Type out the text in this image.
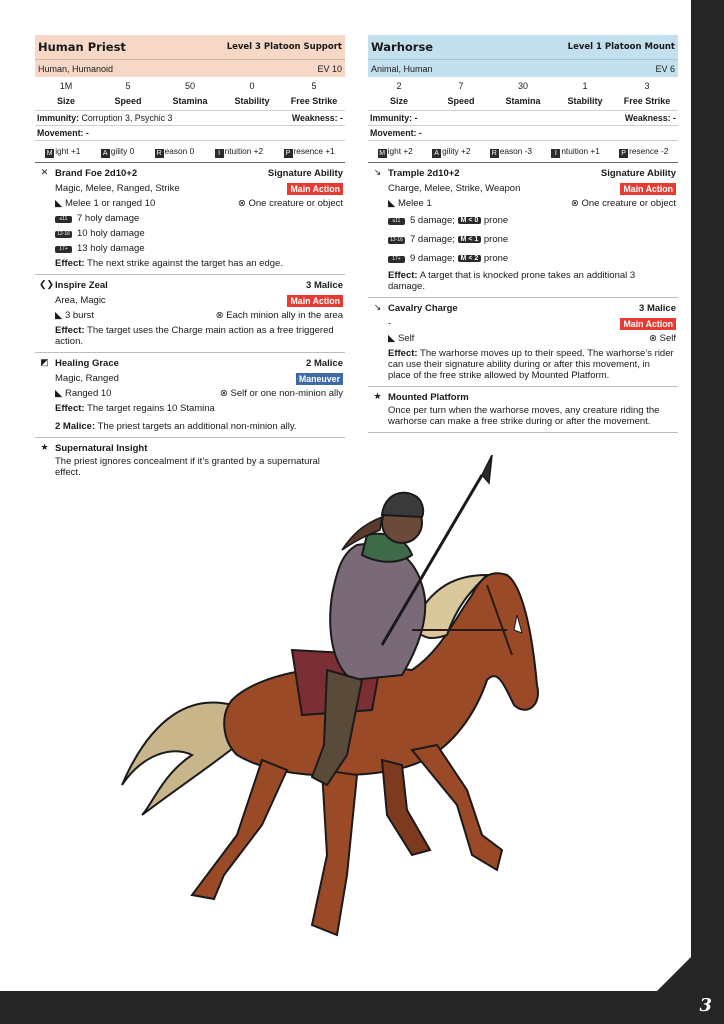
3
Human Priest	Level 3 Platoon Support
Human, Humanoid	EV 10
1M	5	50	0	5
Size	Speed	Stamina	Stability	Free Strike
Immunity: Corruption 3, Psychic 3	Weakness: -
Movement: -
M ight +1	A gility 0	R eason 0	I ntuition +2	P resence +1
✕ Brand Foe 2d10+2	Signature Ability
Magic, Melee, Ranged, Strike	Main Action
◣ Melee 1 or ranged 10	⊗ One creature or object
≤11 7 holy damage
12-16 10 holy damage
17+ 13 holy damage
Effect: The next strike against the target has an edge.
❮❯ Inspire Zeal	3 Malice
Area, Magic	Main Action
◣ 3 burst	⊗ Each minion ally in the area
Effect: The target uses the Charge main action as a free triggered action.
◩ Healing Grace	2 Malice
Magic, Ranged	Maneuver
◣ Ranged 10	⊗ Self or one non-minion ally
Effect: The target regains 10 Stamina
2 Malice: The priest targets an additional non-minion ally.
★ Supernatural Insight
The priest ignores concealment if it’s granted by a supernatural effect.
Warhorse	Level 1 Platoon Mount
Animal, Human	EV 6
2	7	30	1	3
Size	Speed	Stamina	Stability	Free Strike
Immunity: -	Weakness: -
Movement: -
M ight +2	A gility +2	R eason -3	I ntuition +1	P resence -2
↘ Trample 2d10+2	Signature Ability
Charge, Melee, Strike, Weapon	Main Action
◣ Melee 1	⊗ One creature or object
≤11 5 damage; M < 0 prone
12-16 7 damage; M < 1 prone
17+ 9 damage; M < 2 prone
Effect: A target that is knocked prone takes an additional 3 damage.
↘ Cavalry Charge	3 Malice
-	Main Action
◣ Self	⊗ Self
Effect: The warhorse moves up to their speed. The warhorse’s rider can use their signature ability during or after this movement, in place of the free strike allowed by Mounted Platform.
★ Mounted Platform
Once per turn when the warhorse moves, any creature riding the warhorse can make a free strike during or after the movement.
